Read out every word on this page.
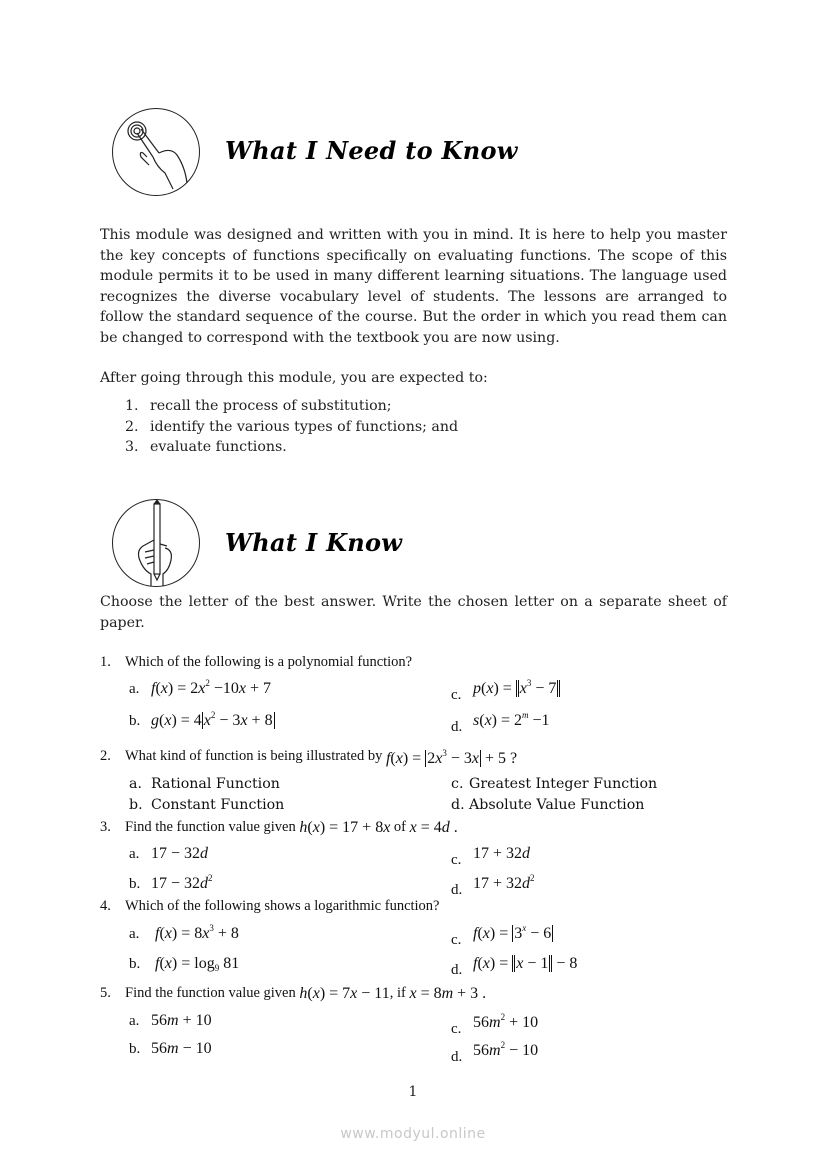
What I Need to Know
This module was designed and written with you in mind. It is here to help you master the key concepts of functions specifically on evaluating functions. The scope of this module permits it to be used in many different learning situations. The language used recognizes the diverse vocabulary level of students. The lessons are arranged to follow the standard sequence of the course. But the order in which you read them can be changed to correspond with the textbook you are now using.
After going through this module, you are expected to:
1. recall the process of substitution;
2. identify the various types of functions; and
3. evaluate functions.
What I Know
Choose the letter of the best answer. Write the chosen letter on a separate sheet of paper.
1. Which of the following is a polynomial function?
a. $f(x) = 2x^2 -10x + 7$
b. g(x) = 4 $x^2 - 3x + 8$
c. $p(x) = x^3 - 7$
d. $s(x) = 2^m -1$
2. What kind of function is being illustrated by
$f(x) = 2x^3 - 3x + 5$ ?
a. Rational Function
b. Constant Function
c. Greatest Integer Function
d. Absolute Value Function
3. Find the function value given
h(x) = 17 + 8x
of
x = 4d .
a. 17 − 32d
b. $17 - 32d^2$
c. 17 + 32d
d. $17 + 32d^2$
4. Which of the following shows a logarithmic function?
a. $f(x) = 8x^3 + 8$
b. $f(x) = \log_9 81$
c. $f(x) = 3^x - 6$
d. f(x) = x − 1 − 8
5. Find the function value given
h(x) = 7x − 11 , if
x = 8m + 3 .
a. 56m + 10
b. 56m − 10
c. $56m^2 + 10$
d. $56m^2 - 10$
1
www.modyul.online
